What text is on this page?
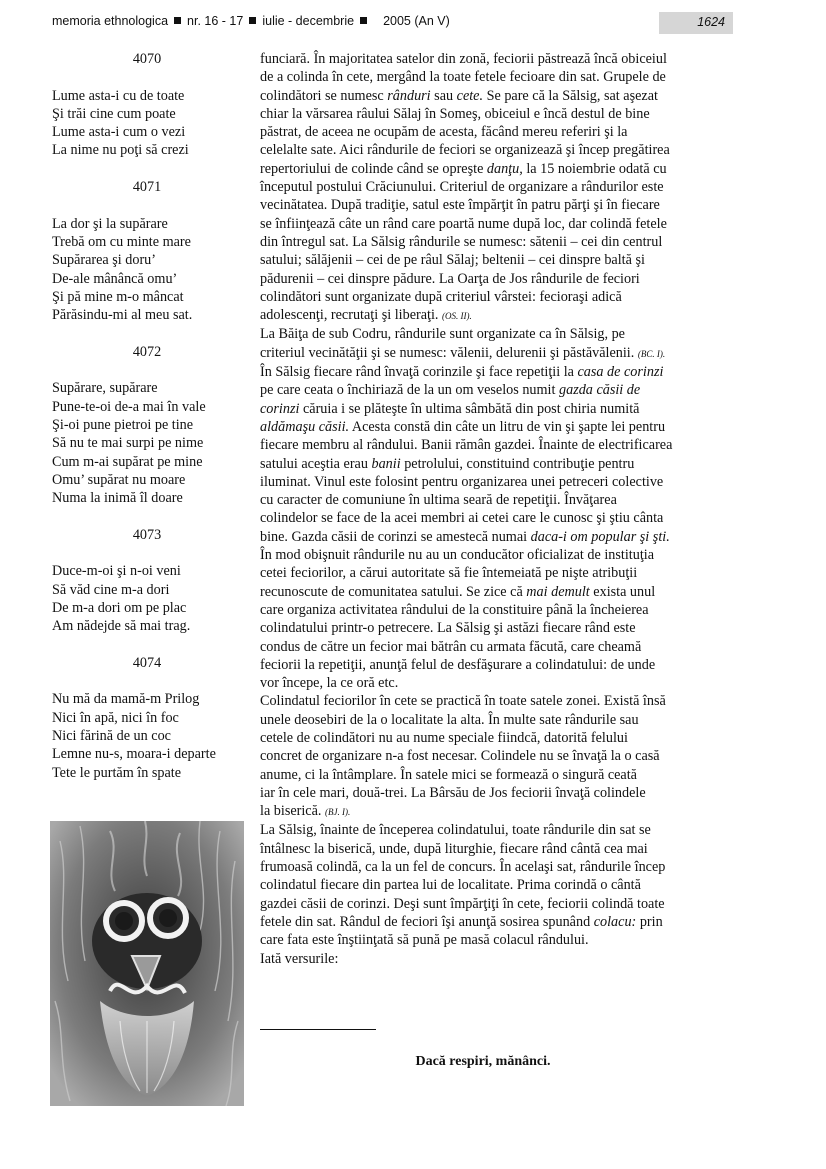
memoria ethnologica nr. 16 - 17 iulie - decembrie 2005 (An V)	1624

4070

Lume asta-i cu de toate
Şi trăi cine cum poate
Lume asta-i cum o vezi
La nime nu poţi să crezi

4071

La dor şi la supărare
Trebă om cu minte mare
Supărarea şi doru’
De-ale mânâncă omu’
Şi pă mine m-o mâncat
Părăsindu-mi al meu sat.

4072

Supărare, supărare
Pune-te-oi de-a mai în vale
Şi-oi pune pietroi pe tine
Să nu te mai surpi pe nime
Cum m-ai supărat pe mine
Omu’ supărat nu moare
Numa la inimă îl doare

4073

Duce-m-oi şi n-oi veni
Să văd cine m-a dori
De m-a dori om pe plac
Am nădejde să mai trag.

4074

Nu mă da mamă-m Prilog
Nici în apă, nici în foc
Nici fărină de un coc
Lemne nu-s, moara-i departe
Tete le purtăm în spate

funciară. În majoritatea satelor din zonă, feciorii păstrează încă obiceiul
de a colinda în cete, mergând la toate fetele fecioare din sat. Grupele de
colindători se numesc rânduri sau cete. Se pare că la Sălsig, sat aşezat
chiar la vărsarea râului Sălaj în Someş, obiceiul e încă destul de bine
păstrat, de aceea ne ocupăm de acesta, făcând mereu referiri şi la
celelalte sate. Aici rândurile de feciori se organizează şi încep pregătirea
repertoriului de colinde când se opreşte danţu, la 15 noiembrie odată cu
începutul postului Crăciunului. Criteriul de organizare a rândurilor este
vecinătatea. După tradiţie, satul este împărţit în patru părţi şi în fiecare
se înfiinţează câte un rând care poartă nume după loc, dar colindă fetele
din întregul sat. La Sălsig rândurile se numesc: sătenii – cei din centrul
satului; sălăjenii – cei de pe râul Sălaj; beltenii – cei dinspre baltă şi
pădurenii – cei dinspre pădure. La Oarţa de Jos rândurile de feciori
colindători sunt organizate după criteriul vârstei: fecioraşi adică
adolescenţi, recrutaţi şi liberaţi. (OS. II).

La Băiţa de sub Codru, rândurile sunt organizate ca în Sălsig, pe
criteriul vecinătăţii şi se numesc: vălenii, delurenii şi păstăvălenii. (BC. I).

În Sălsig fiecare rând învaţă corinzile şi face repetiţii la casa de corinzi
pe care ceata o închiriază de la un om veselos numit gazda căsii de
corinzi căruia i se plăteşte în ultima sâmbătă din post chiria numită
aldămaşu căsii. Acesta constă din câte un litru de vin şi şapte lei pentru
fiecare membru al rândului. Banii rămân gazdei. Înainte de electrificarea
satului aceştia erau banii petrolului, constituind contribuţie pentru
iluminat. Vinul este folosint pentru organizarea unei petreceri colective
cu caracter de comuniune în ultima seară de repetiţii. Învăţarea
colindelor se face de la acei membri ai cetei care le cunosc şi ştiu cânta
bine. Gazda căsii de corinzi se amestecă numai daca-i om popular şi şti.

În mod obişnuit rândurile nu au un conducător oficializat de instituţia
cetei feciorilor, a cărui autoritate să fie întemeiată pe nişte atribuţii
recunoscute de comunitatea satului. Se zice că mai demult exista unul
care organiza activitatea rândului de la constituire până la încheierea
colindatului printr-o petrecere. La Sălsig şi astăzi fiecare rând este
condus de către un fecior mai bătrân cu armata făcută, care cheamă
feciorii la repetiţii, anunţă felul de desfăşurare a colindatului: de unde
vor începe, la ce oră etc.

Colindatul feciorilor în cete se practică în toate satele zonei. Există însă
unele deosebiri de la o localitate la alta. În multe sate rândurile sau
cetele de colindători nu au nume speciale fiindcă, datorită felului
concret de organizare n-a fost necesar. Colindele nu se învaţă la o casă
anume, ci la întâmplare. În satele mici se formează o singură ceată
iar în cele mari, două-trei. La Bârsău de Jos feciorii învaţă colindele
la biserică. (BJ. I).

La Sălsig, înainte de începerea colindatului, toate rândurile din sat se
întâlnesc la biserică, unde, după liturghie, fiecare rând cântă cea mai
frumoasă colindă, ca la un fel de concurs. În acelaşi sat, rândurile încep
colindatul fiecare din partea lui de localitate. Prima corindă o cântă
gazdei căsii de corinzi. Deşi sunt împărţiţi în cete, feciorii colindă toate
fetele din sat. Rândul de feciori îşi anunţă sosirea spunând colacu: prin
care fata este înştiinţată să pună pe masă colacul rândului.
Iată versurile:

Dacă respiri, mănânci.
